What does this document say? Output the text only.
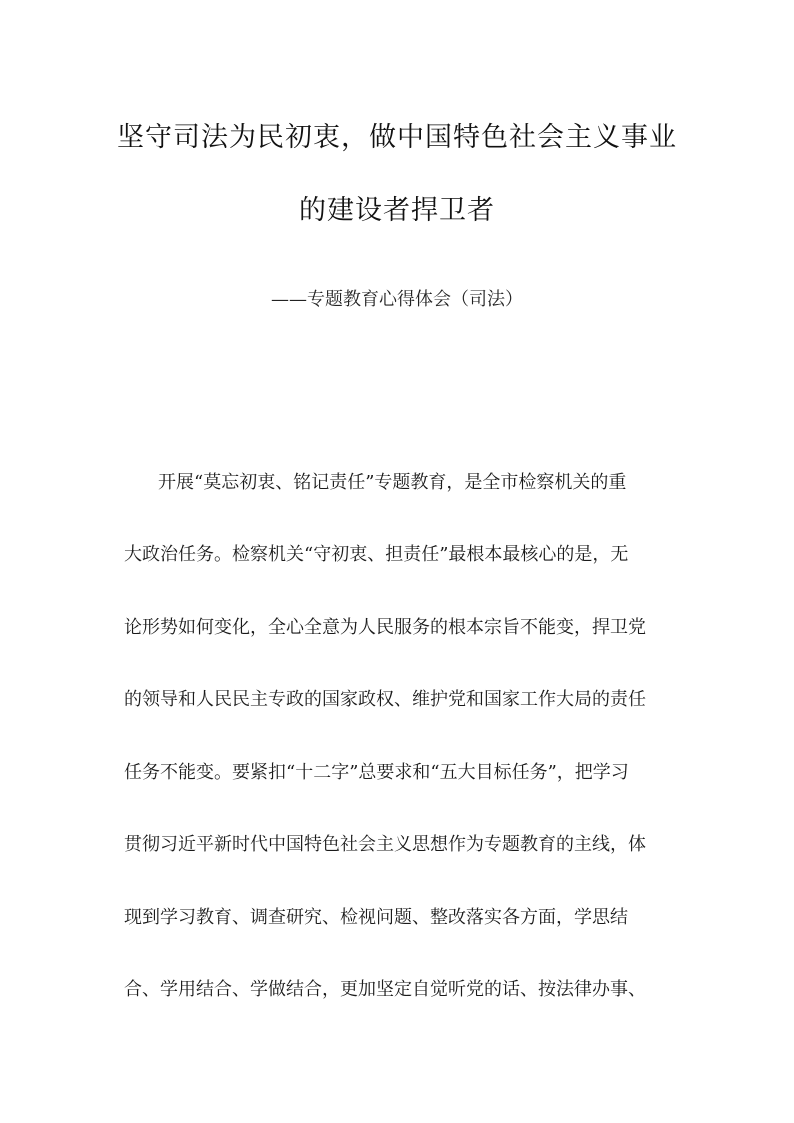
坚守司法为民初衷，做中国特色社会主义事业
的建设者捍卫者
——专题教育心得体会（司法）
开展“莫忘初衷、铭记责任”专题教育，是全市检察机关的重
大政治任务。检察机关“守初衷、担责任”最根本最核心的是，无
论形势如何变化，全心全意为人民服务的根本宗旨不能变，捍卫党
的领导和人民民主专政的国家政权、维护党和国家工作大局的责任
任务不能变。要紧扣“十二字”总要求和“五大目标任务”，把学习
贯彻习近平新时代中国特色社会主义思想作为专题教育的主线，体
现到学习教育、调查研究、检视问题、整改落实各方面，学思结
合、学用结合、学做结合，更加坚定自觉听党的话、按法律办事、
